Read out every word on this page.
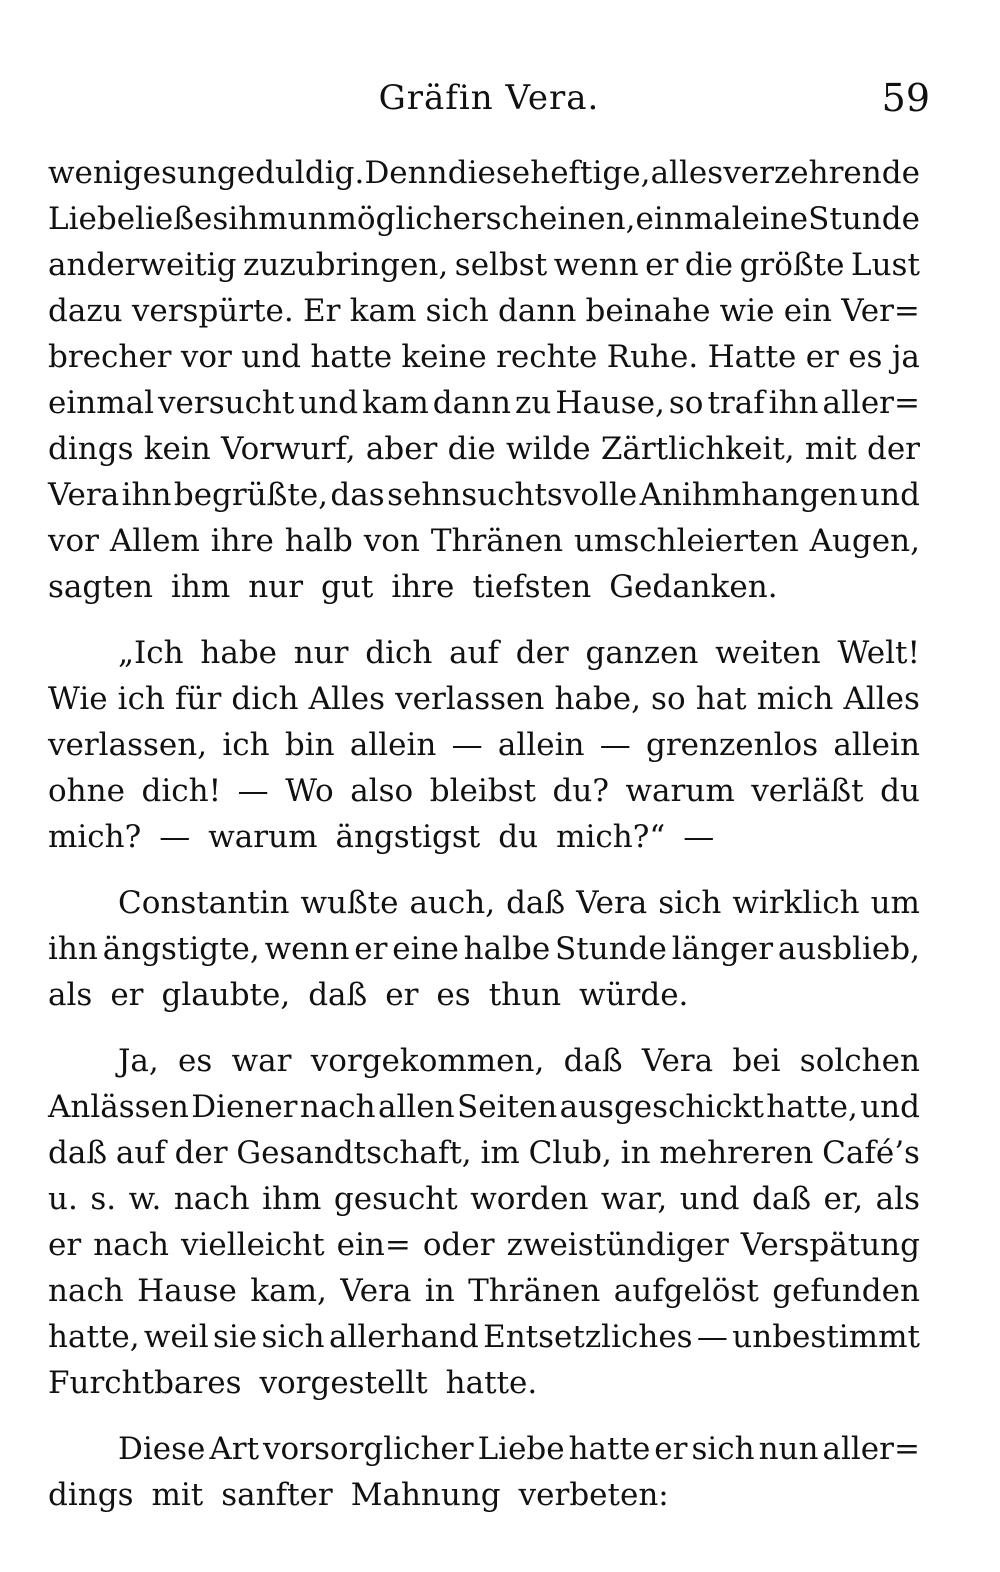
Gräfin Vera.	59
weniges ungeduldig. Denn diese heftige, alles verzehrende
Liebe ließ es ihm unmöglich erscheinen, einmal eine Stunde
anderweitig zuzubringen, selbst wenn er die größte Lust
dazu verspürte. Er kam sich dann beinahe wie ein Ver=
brecher vor und hatte keine rechte Ruhe. Hatte er es ja
einmal versucht und kam dann zu Hause, so traf ihn aller=
dings kein Vorwurf, aber die wilde Zärtlichkeit, mit der
Vera ihn begrüßte, das sehnsuchtsvolle Anihmhangen und
vor Allem ihre halb von Thränen umschleierten Augen,
sagten ihm nur gut ihre tiefsten Gedanken.
„Ich habe nur dich auf der ganzen weiten Welt!
Wie ich für dich Alles verlassen habe, so hat mich Alles
verlassen, ich bin allein — allein — grenzenlos allein
ohne dich! — Wo also bleibst du? warum verläßt du
mich? — warum ängstigst du mich?“ —
Constantin wußte auch, daß Vera sich wirklich um
ihn ängstigte, wenn er eine halbe Stunde länger ausblieb,
als er glaubte, daß er es thun würde.
Ja, es war vorgekommen, daß Vera bei solchen
Anlässen Diener nach allen Seiten ausgeschickt hatte, und
daß auf der Gesandtschaft, im Club, in mehreren Café’s
u. s. w. nach ihm gesucht worden war, und daß er, als
er nach vielleicht ein= oder zweistündiger Verspätung
nach Hause kam, Vera in Thränen aufgelöst gefunden
hatte, weil sie sich allerhand Entsetzliches — unbestimmt
Furchtbares vorgestellt hatte.
Diese Art vorsorglicher Liebe hatte er sich nun aller=
dings mit sanfter Mahnung verbeten:
